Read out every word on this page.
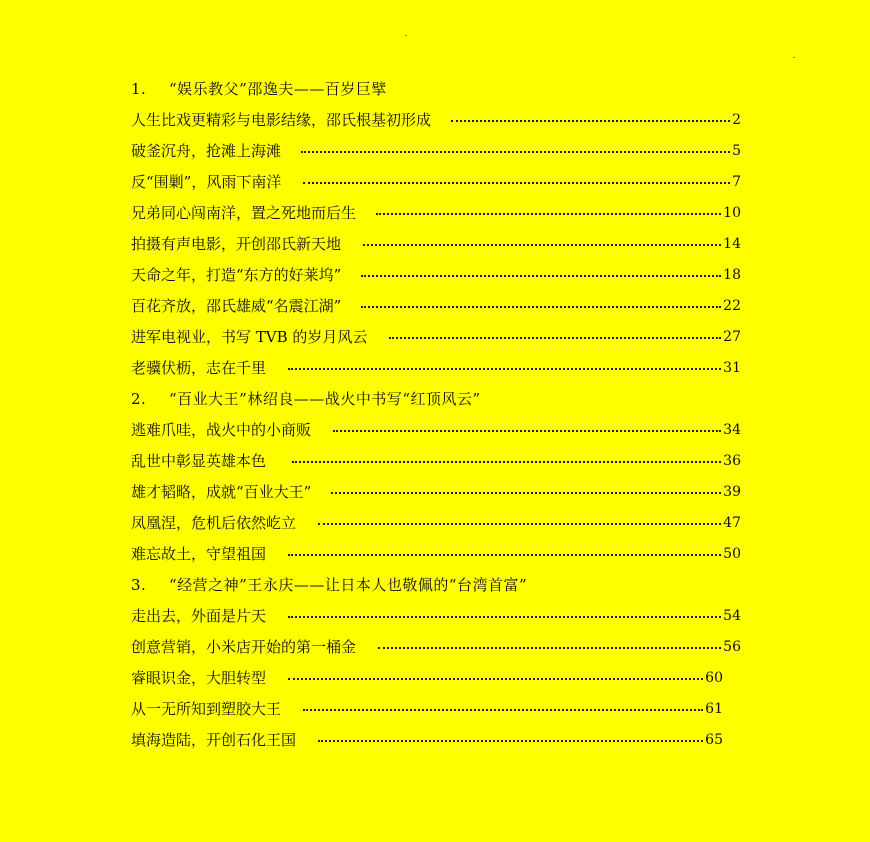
1.	“娱乐教父”邵逸夫——百岁巨擘
人生比戏更精彩与电影结缘，邵氏根基初形成	2
破釜沉舟，抢滩上海滩	5
反“围剿”，风雨下南洋	7
兄弟同心闯南洋，置之死地而后生	10
拍摄有声电影，开创邵氏新天地	14
天命之年，打造“东方的好莱坞”	18
百花齐放，邵氏雄威“名震江湖”	22
进军电视业，书写 TVB 的岁月风云	27
老骥伏枥，志在千里	31
2.	“百业大王”林绍良——战火中书写“红顶风云”
逃难爪哇，战火中的小商贩	34
乱世中彰显英雄本色	36
雄才韬略，成就“百业大王”	39
凤凰涅，危机后依然屹立	47
难忘故土，守望祖国	50
3.	“经营之神”王永庆——让日本人也敬佩的“台湾首富”
走出去，外面是片天	54
创意营销，小米店开始的第一桶金	56
睿眼识金，大胆转型	60
从一无所知到塑胶大王	61
填海造陆，开创石化王国	65
